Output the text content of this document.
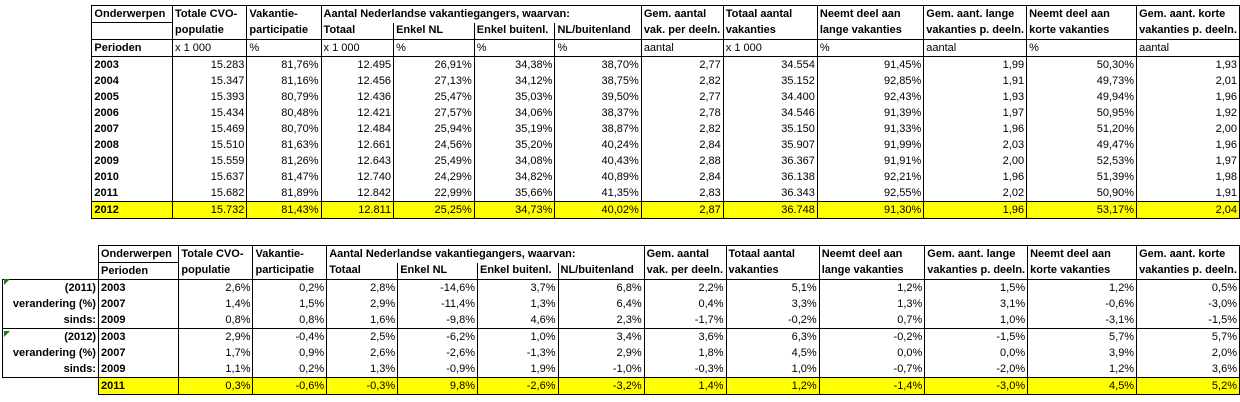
	Onderwerpen	Totale CVO-	Vakantie-	Aantal Nederlandse vakantiegangers, waarvan:				Gem. aantal	Totaal aantal	Neemt deel aan	Gem. aant. lange	Neemt deel aan	Gem. aant. korte
		populatie	participatie	Totaal	Enkel NL	Enkel buitenl.	NL/buitenland	vak. per deeln.	vakanties	lange vakanties	vakanties p. deeln.	korte vakanties	vakanties p. deeln.
	Perioden	x 1 000	%	x 1 000	%	%	%	aantal	x 1 000	%	aantal	%	aantal
	2003	15.283	81,76%	12.495	26,91%	34,38%	38,70%	2,77	34.554	91,45%	1,99	50,30%	1,93
	2004	15.347	81,16%	12.456	27,13%	34,12%	38,75%	2,82	35.152	92,85%	1,91	49,73%	2,01
	2005	15.393	80,79%	12.436	25,47%	35,03%	39,50%	2,77	34.400	92,43%	1,93	49,94%	1,96
	2006	15.434	80,48%	12.421	27,57%	34,06%	38,37%	2,78	34.546	91,39%	1,97	50,95%	1,92
	2007	15.469	80,70%	12.484	25,94%	35,19%	38,87%	2,82	35.150	91,33%	1,96	51,20%	2,00
	2008	15.510	81,63%	12.661	24,56%	35,20%	40,24%	2,84	35.907	91,99%	2,03	49,47%	1,96
	2009	15.559	81,26%	12.643	25,49%	34,08%	40,43%	2,88	36.367	91,91%	2,00	52,53%	1,97
	2010	15.637	81,47%	12.740	24,29%	34,82%	40,89%	2,84	36.138	92,21%	1,96	51,39%	1,98
	2011	15.682	81,89%	12.842	22,99%	35,66%	41,35%	2,83	36.343	92,55%	2,02	50,90%	1,91
	2012	15.732	81,43%	12.811	25,25%	34,73%	40,02%	2,87	36.748	91,30%	1,96	53,17%	2,04
	Onderwerpen	Totale CVO-	Vakantie-	Aantal Nederlandse vakantiegangers, waarvan:				Gem. aantal	Totaal aantal	Neemt deel aan	Gem. aant. lange	Neemt deel aan	Gem. aant. korte
	Perioden	populatie	participatie	Totaal	Enkel NL	Enkel buitenl.	NL/buitenland	vak. per deeln.	vakanties	lange vakanties	vakanties p. deeln.	korte vakanties	vakanties p. deeln.
(2011)	2003	2,6%	0,2%	2,8%	-14,6%	3,7%	6,8%	2,2%	5,1%	1,2%	1,5%	1,2%	0,5%
verandering (%)	2007	1,4%	1,5%	2,9%	-11,4%	1,3%	6,4%	0,4%	3,3%	1,3%	3,1%	-0,6%	-3,0%
sinds:	2009	0,8%	0,8%	1,6%	-9,8%	4,6%	2,3%	-1,7%	-0,2%	0,7%	1,0%	-3,1%	-1,5%
(2012)	2003	2,9%	-0,4%	2,5%	-6,2%	1,0%	3,4%	3,6%	6,3%	-0,2%	-1,5%	5,7%	5,7%
verandering (%)	2007	1,7%	0,9%	2,6%	-2,6%	-1,3%	2,9%	1,8%	4,5%	0,0%	0,0%	3,9%	2,0%
sinds:	2009	1,1%	0,2%	1,3%	-0,9%	1,9%	-1,0%	-0,3%	1,0%	-0,7%	-2,0%	1,2%	3,6%
	2011	0,3%	-0,6%	-0,3%	9,8%	-2,6%	-3,2%	1,4%	1,2%	-1,4%	-3,0%	4,5%	5,2%
